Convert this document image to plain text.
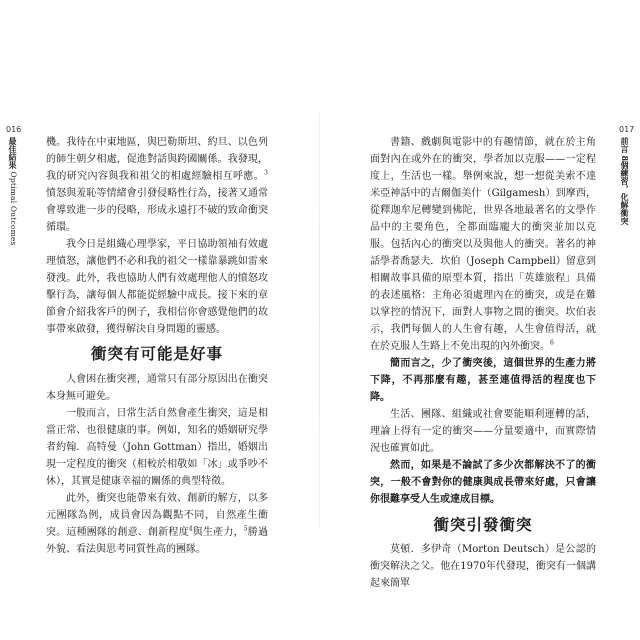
016
最佳結果 Optimal Outcomes

機。我待在中東地區，與巴勒斯坦、約旦、以色列的師生朝夕相處，促進對話與跨國關係。我發現，我的研究內容與我和祖父的相處經驗相互呼應。$^3$憤怒與羞恥等情緒會引發侵略性行為，接著又通常會導致進一步的侵略，形成永遠打不破的致命衝突循環。

我今日是組織心理學家，平日協助領袖有效處理憤怒，讓他們不必和我的祖父一樣靠暴跳如雷來發洩。此外，我也協助人們有效處理他人的憤怒攻擊行為，讓每個人都能從經驗中成長。接下來的章節會介紹我客戶的例子，我相信你會感覺他們的故事帶來啟發，獲得解決自身問題的靈感。

衝突有可能是好事

人會困在衝突裡，通常只有部分原因出在衝突本身無可避免。

一般而言，日常生活自然會產生衝突，這是相當正常、也很健康的事。例如，知名的婚姻研究學者約翰．高特曼（John Gottman）指出，婚姻出現一定程度的衝突（相較於相敬如「冰」或爭吵不休），其實是健康幸福的關係的典型特徵。

此外，衝突也能帶來有效、創新的解方，以多元團隊為例，成員會因為觀點不同，自然產生衝突。這種團隊的創意、創新程度$^4$與生產力，$^5$勝過外貌、看法與思考同質性高的團隊。

017
前言 8個練習，化解衝突

書籍、戲劇與電影中的有趣情節，就在於主角面對內在或外在的衝突，學者加以克服——一定程度上，生活也一樣。舉例來說，想一想從美索不達米亞神話中的吉爾伽美什（Gilgamesh）到摩西，從釋迦牟尼轉變到佛陀，世界各地最著名的文學作品中的主要角色，全都面臨龐大的衝突並加以克服。包括內心的衝突以及與他人的衝突。著名的神話學者喬瑟夫．坎伯（Joseph Campbell）留意到相關故事具備的原型本質，指出「英雄旅程」具備的表述風格：主角必須處理內在的衝突，或是在難以掌控的情況下，面對人事物之間的衝突。坎伯表示，我們每個人的人生會有趣，人生會值得活，就在於克服人生路上不免出現的內外衝突。$^6$

簡而言之，少了衝突後，這個世界的生產力將下降，不再那麼有趣，甚至連值得活的程度也下降。

生活、團隊、組織或社會要能順利運轉的話，理論上得有一定的衝突——分量要適中，而實際情況也確實如此。

然而，如果是不論試了多少次都解決不了的衝突，一般不會對你的健康與成長帶來好處，只會讓你很難享受人生或達成目標。

衝突引發衝突

莫頓．多伊奇（Morton Deutsch）是公認的衝突解決之父。他在1970年代發現，衝突有一個講起來簡單
